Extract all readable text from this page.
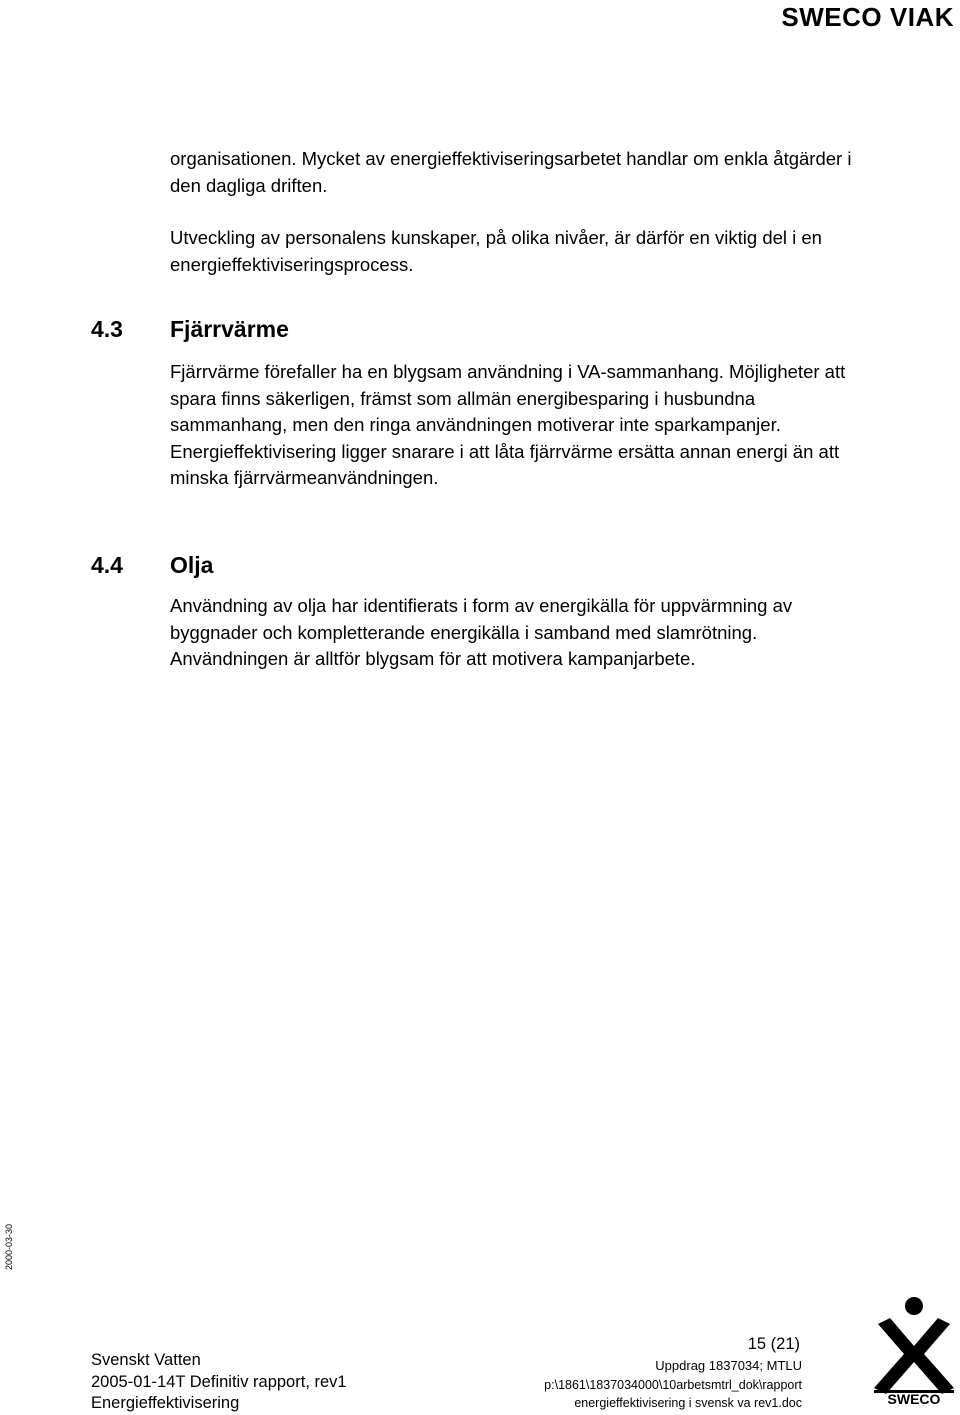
SWECO VIAK

organisationen. Mycket av energieffektiviseringsarbetet handlar om enkla åtgärder i den dagliga driften.

Utveckling av personalens kunskaper, på olika nivåer, är därför en viktig del i en energieffektiviseringsprocess.

4.3 Fjärrvärme

Fjärrvärme förefaller ha en blygsam användning i VA-sammanhang. Möjligheter att spara finns säkerligen, främst som allmän energibesparing i husbundna sammanhang, men den ringa användningen motiverar inte sparkampanjer. Energieffektivisering ligger snarare i att låta fjärrvärme ersätta annan energi än att minska fjärrvärmeanvändningen.

4.4 Olja

Användning av olja har identifierats i form av energikälla för uppvärmning av byggnader och kompletterande energikälla i samband med slamrötning. Användningen är alltför blygsam för att motivera kampanjarbete.

2000-03-30
Svenskt Vatten
2005-01-14T Definitiv rapport, rev1
Energieffektivisering
15 (21)
Uppdrag 1837034; MTLU
p:\1861\1837034000\10arbetsmtrl_dok\rapport
energieffektivisering i svensk va rev1.doc	SWECO
